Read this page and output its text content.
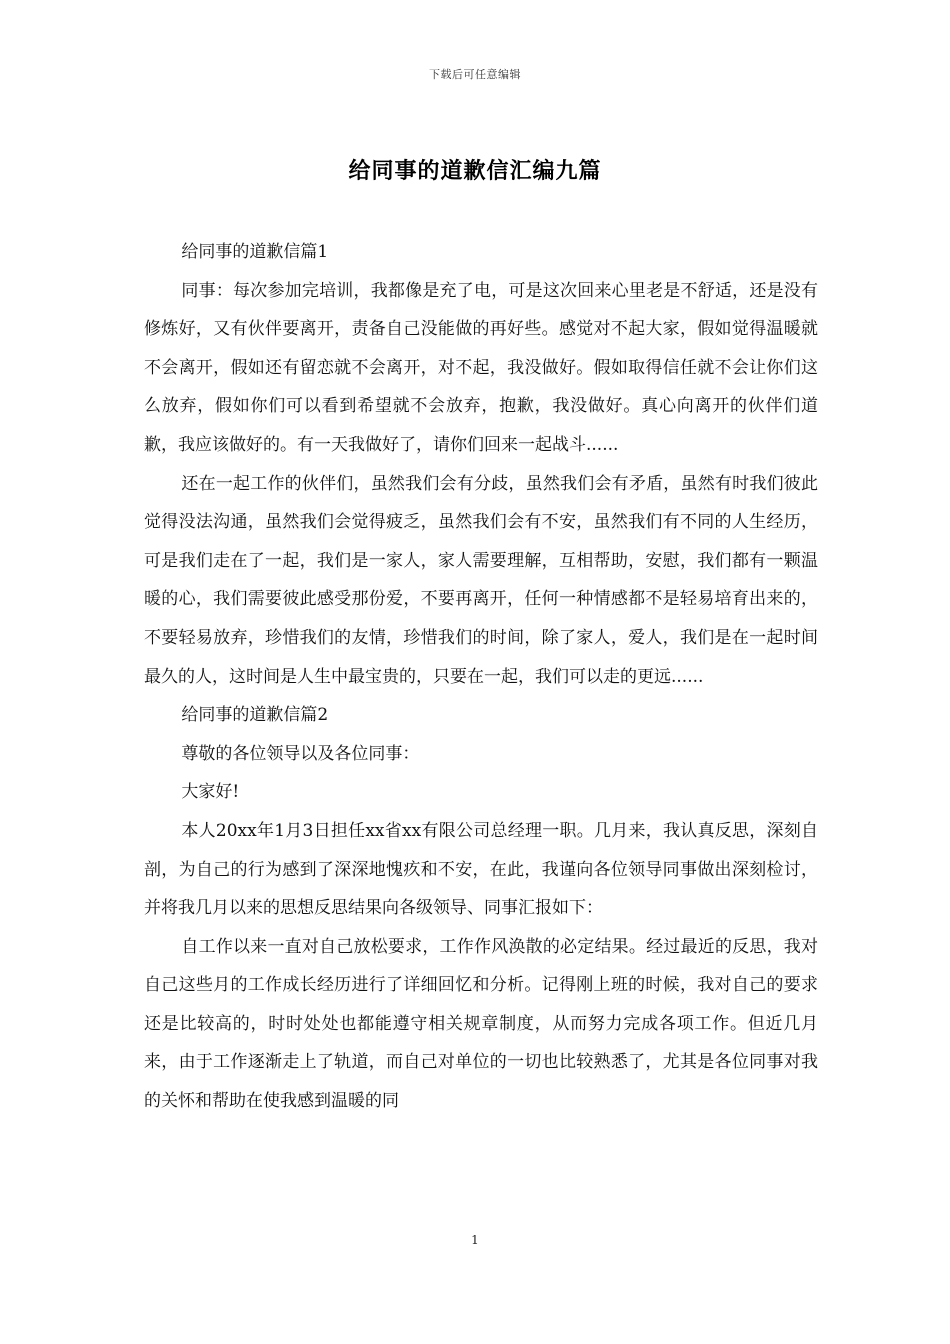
下载后可任意编辑
给同事的道歉信汇编九篇

给同事的道歉信篇1

同事：每次参加完培训，我都像是充了电，可是这次回来心里老是不舒适，还是没有修炼好，又有伙伴要离开，责备自己没能做的再好些。感觉对不起大家，假如觉得温暖就不会离开，假如还有留恋就不会离开，对不起，我没做好。假如取得信任就不会让你们这么放弃，假如你们可以看到希望就不会放弃，抱歉，我没做好。真心向离开的伙伴们道歉，我应该做好的。有一天我做好了，请你们回来一起战斗......

还在一起工作的伙伴们，虽然我们会有分歧，虽然我们会有矛盾，虽然有时我们彼此觉得没法沟通，虽然我们会觉得疲乏，虽然我们会有不安，虽然我们有不同的人生经历，可是我们走在了一起，我们是一家人，家人需要理解，互相帮助，安慰，我们都有一颗温暖的心，我们需要彼此感受那份爱，不要再离开，任何一种情感都不是轻易培育出来的，不要轻易放弃，珍惜我们的友情，珍惜我们的时间，除了家人，爱人，我们是在一起时间最久的人，这时间是人生中最宝贵的，只要在一起，我们可以走的更远......

给同事的道歉信篇2

尊敬的各位领导以及各位同事：

大家好!

本人20xx年1月3日担任xx省xx有限公司总经理一职。几月来，我认真反思，深刻自剖，为自己的行为感到了深深地愧疚和不安，在此，我谨向各位领导同事做出深刻检讨，并将我几月以来的思想反思结果向各级领导、同事汇报如下：

自工作以来一直对自己放松要求，工作作风涣散的必定结果。经过最近的反思，我对自己这些月的工作成长经历进行了详细回忆和分析。记得刚上班的时候，我对自己的要求还是比较高的，时时处处也都能遵守相关规章制度，从而努力完成各项工作。但近几月来，由于工作逐渐走上了轨道，而自己对单位的一切也比较熟悉了，尤其是各位同事对我的关怀和帮助在使我感到温暖的同

1
